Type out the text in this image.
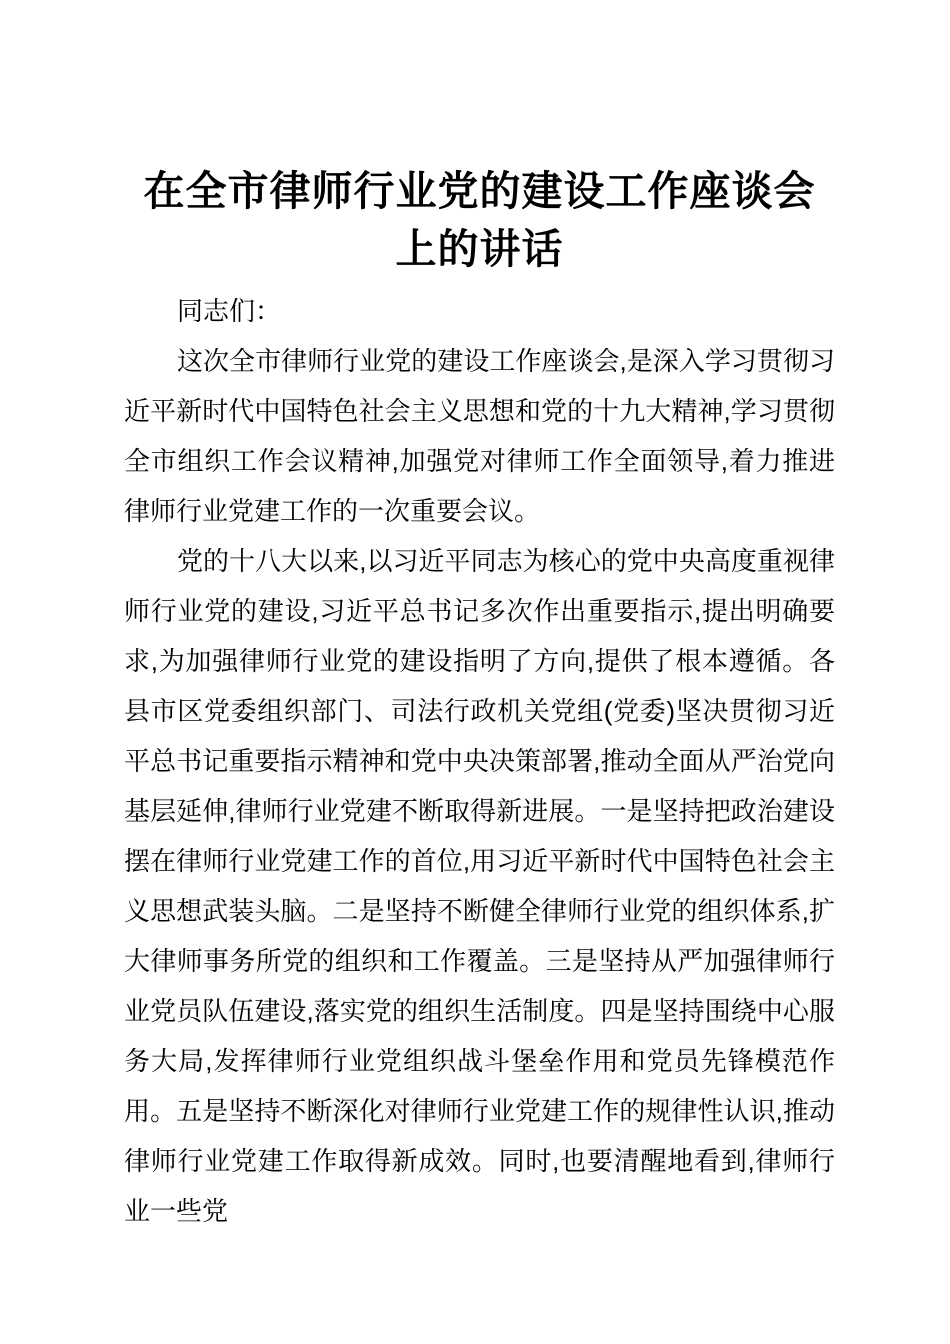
在全市律师行业党的建设工作座谈会上的讲话

同志们：

这次全市律师行业党的建设工作座谈会,是深入学习贯彻习近平新时代中国特色社会主义思想和党的十九大精神,学习贯彻全市组织工作会议精神,加强党对律师工作全面领导,着力推进律师行业党建工作的一次重要会议。

党的十八大以来,以习近平同志为核心的党中央高度重视律师行业党的建设,习近平总书记多次作出重要指示,提出明确要求,为加强律师行业党的建设指明了方向,提供了根本遵循。各县市区党委组织部门、司法行政机关党组(党委)坚决贯彻习近平总书记重要指示精神和党中央决策部署,推动全面从严治党向基层延伸,律师行业党建不断取得新进展。一是坚持把政治建设摆在律师行业党建工作的首位,用习近平新时代中国特色社会主义思想武装头脑。二是坚持不断健全律师行业党的组织体系,扩大律师事务所党的组织和工作覆盖。三是坚持从严加强律师行业党员队伍建设,落实党的组织生活制度。四是坚持围绕中心服务大局,发挥律师行业党组织战斗堡垒作用和党员先锋模范作用。五是坚持不断深化对律师行业党建工作的规律性认识,推动律师行业党建工作取得新成效。同时,也要清醒地看到,律师行业一些党
